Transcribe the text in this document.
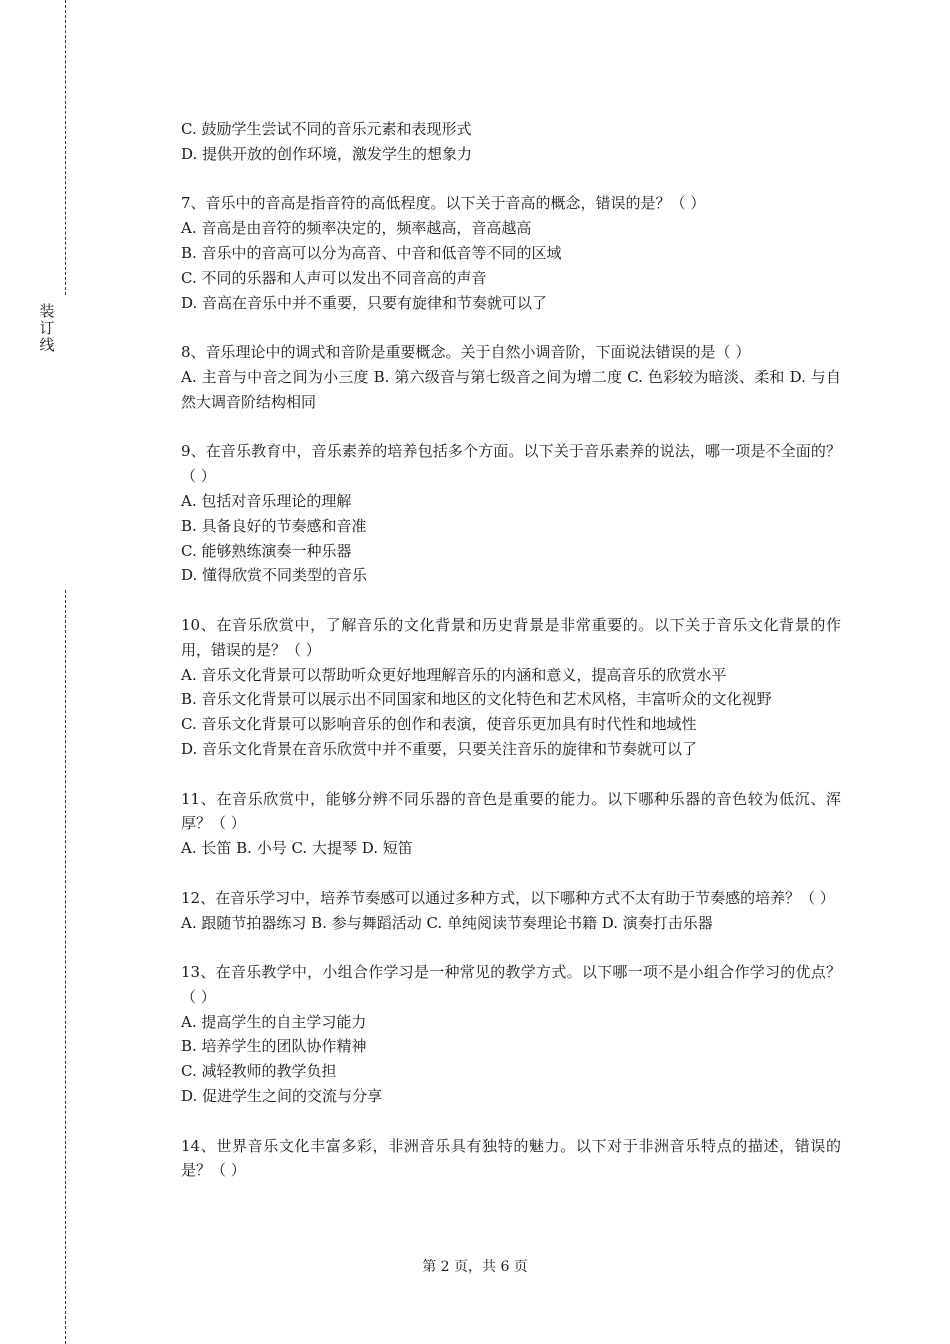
装
订
线

C. 鼓励学生尝试不同的音乐元素和表现形式

D. 提供开放的创作环境，激发学生的想象力

7、音乐中的音高是指音符的高低程度。以下关于音高的概念，错误的是？（ ）

A. 音高是由音符的频率决定的，频率越高，音高越高

B. 音乐中的音高可以分为高音、中音和低音等不同的区域

C. 不同的乐器和人声可以发出不同音高的声音

D. 音高在音乐中并不重要，只要有旋律和节奏就可以了

8、音乐理论中的调式和音阶是重要概念。关于自然小调音阶，下面说法错误的是（ ）

A. 主音与中音之间为小三度 B. 第六级音与第七级音之间为增二度 C. 色彩较为暗淡、柔和 D. 与自然大调音阶结构相同

9、在音乐教育中，音乐素养的培养包括多个方面。以下关于音乐素养的说法，哪一项是不全面的？（ ）

A. 包括对音乐理论的理解

B. 具备良好的节奏感和音准

C. 能够熟练演奏一种乐器

D. 懂得欣赏不同类型的音乐

10、在音乐欣赏中，了解音乐的文化背景和历史背景是非常重要的。以下关于音乐文化背景的作用，错误的是？（ ）

A. 音乐文化背景可以帮助听众更好地理解音乐的内涵和意义，提高音乐的欣赏水平

B. 音乐文化背景可以展示出不同国家和地区的文化特色和艺术风格，丰富听众的文化视野

C. 音乐文化背景可以影响音乐的创作和表演，使音乐更加具有时代性和地域性

D. 音乐文化背景在音乐欣赏中并不重要，只要关注音乐的旋律和节奏就可以了

11、在音乐欣赏中，能够分辨不同乐器的音色是重要的能力。以下哪种乐器的音色较为低沉、浑厚？（ ）

A. 长笛 B. 小号 C. 大提琴 D. 短笛

12、在音乐学习中，培养节奏感可以通过多种方式，以下哪种方式不太有助于节奏感的培养？（ ）

A. 跟随节拍器练习 B. 参与舞蹈活动 C. 单纯阅读节奏理论书籍 D. 演奏打击乐器

13、在音乐教学中，小组合作学习是一种常见的教学方式。以下哪一项不是小组合作学习的优点？（ ）

A. 提高学生的自主学习能力

B. 培养学生的团队协作精神

C. 减轻教师的教学负担

D. 促进学生之间的交流与分享

14、世界音乐文化丰富多彩，非洲音乐具有独特的魅力。以下对于非洲音乐特点的描述，错误的是？（ ）

第 2 页，共 6 页
